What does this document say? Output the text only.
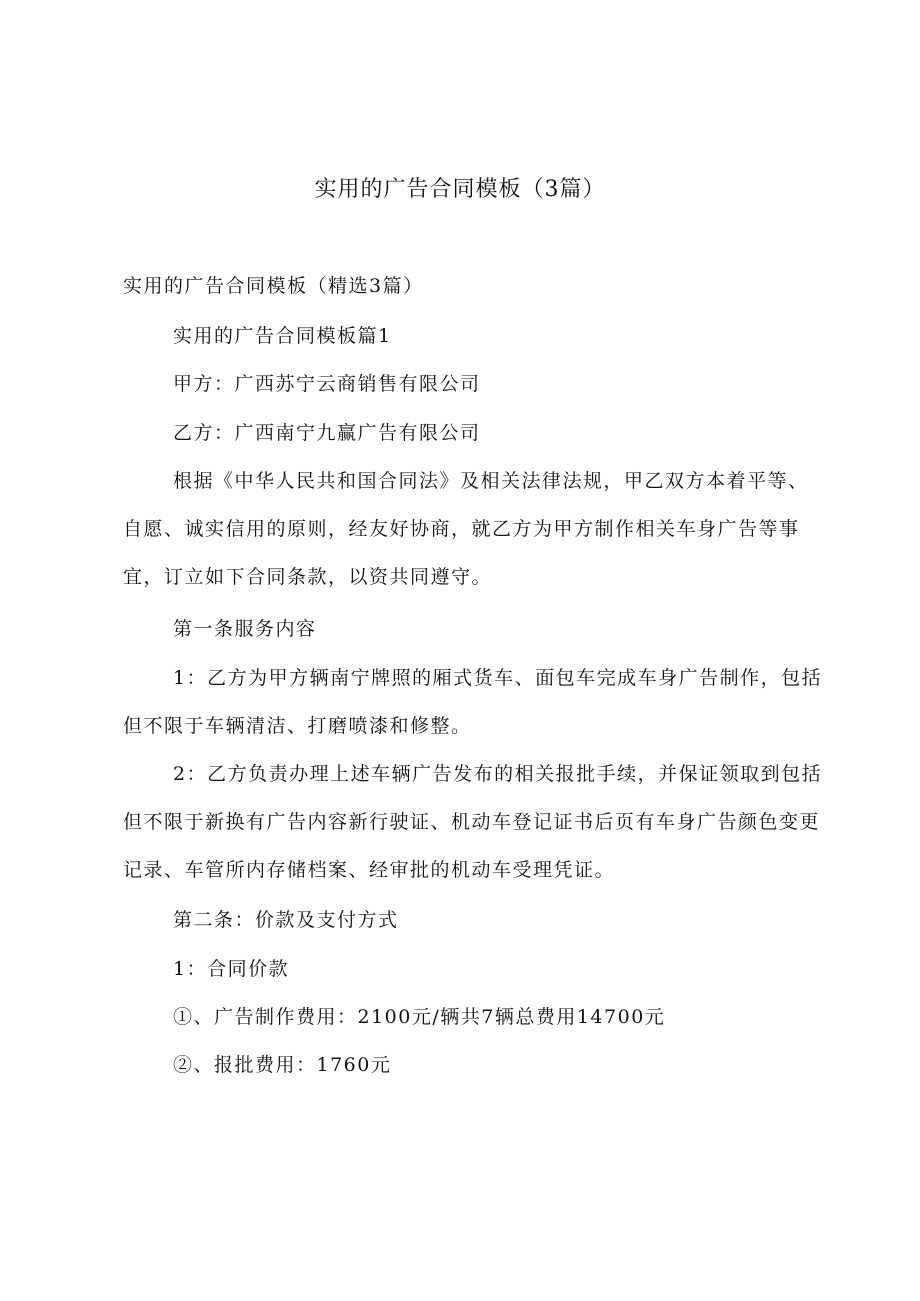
实用的广告合同模板（3篇）

实用的广告合同模板（精选3篇）

实用的广告合同模板篇1

甲方：广西苏宁云商销售有限公司

乙方：广西南宁九赢广告有限公司

根据《中华人民共和国合同法》及相关法律法规，甲乙双方本着平等、自愿、诚实信用的原则，经友好协商，就乙方为甲方制作相关车身广告等事宜，订立如下合同条款，以资共同遵守。

第一条服务内容

1：乙方为甲方辆南宁牌照的厢式货车、面包车完成车身广告制作，包括但不限于车辆清洁、打磨喷漆和修整。

2：乙方负责办理上述车辆广告发布的相关报批手续，并保证领取到包括但不限于新换有广告内容新行驶证、机动车登记证书后页有车身广告颜色变更记录、车管所内存储档案、经审批的机动车受理凭证。

第二条：价款及支付方式

1：合同价款

①、广告制作费用：2100元/辆共7辆总费用14700元

②、报批费用：1760元
